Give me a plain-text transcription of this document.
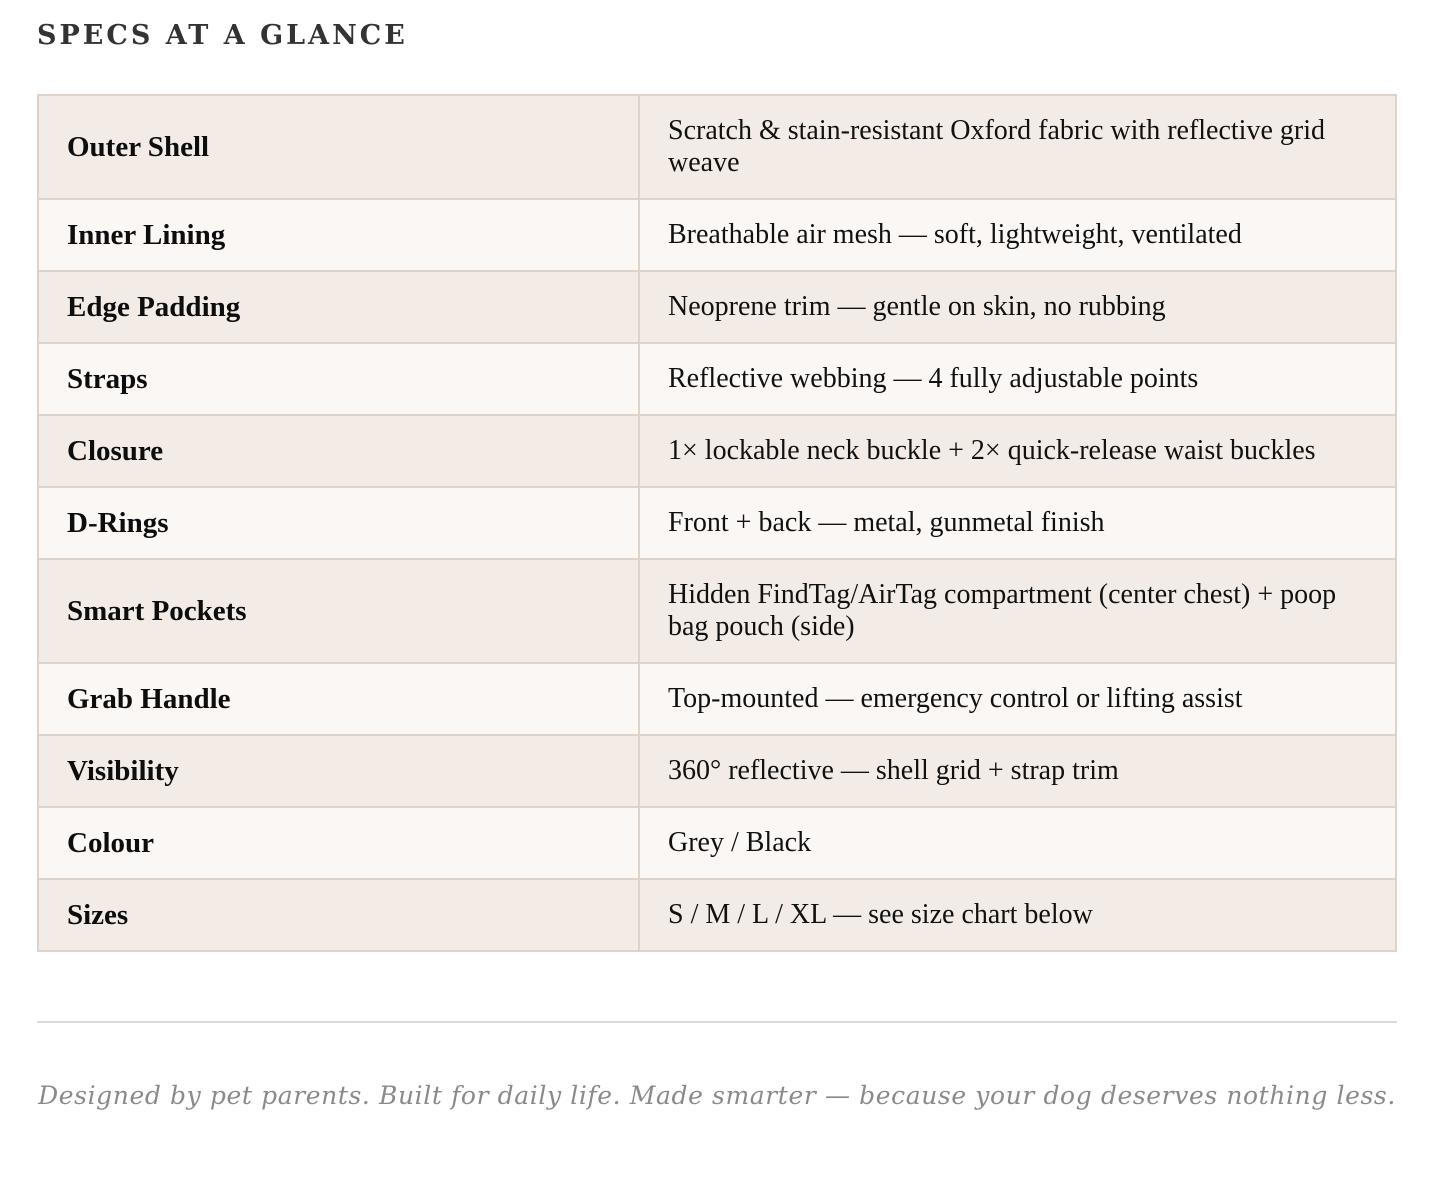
SPECS AT A GLANCE
Outer Shell	Scratch & stain-resistant Oxford fabric with reflective grid weave
Inner Lining	Breathable air mesh — soft, lightweight, ventilated
Edge Padding	Neoprene trim — gentle on skin, no rubbing
Straps	Reflective webbing — 4 fully adjustable points
Closure	1× lockable neck buckle + 2× quick-release waist buckles
D-Rings	Front + back — metal, gunmetal finish
Smart Pockets	Hidden FindTag/AirTag compartment (center chest) + poop bag pouch (side)
Grab Handle	Top-mounted — emergency control or lifting assist
Visibility	360° reflective — shell grid + strap trim
Colour	Grey / Black
Sizes	S / M / L / XL — see size chart below

Designed by pet parents. Built for daily life. Made smarter — because your dog deserves nothing less.
